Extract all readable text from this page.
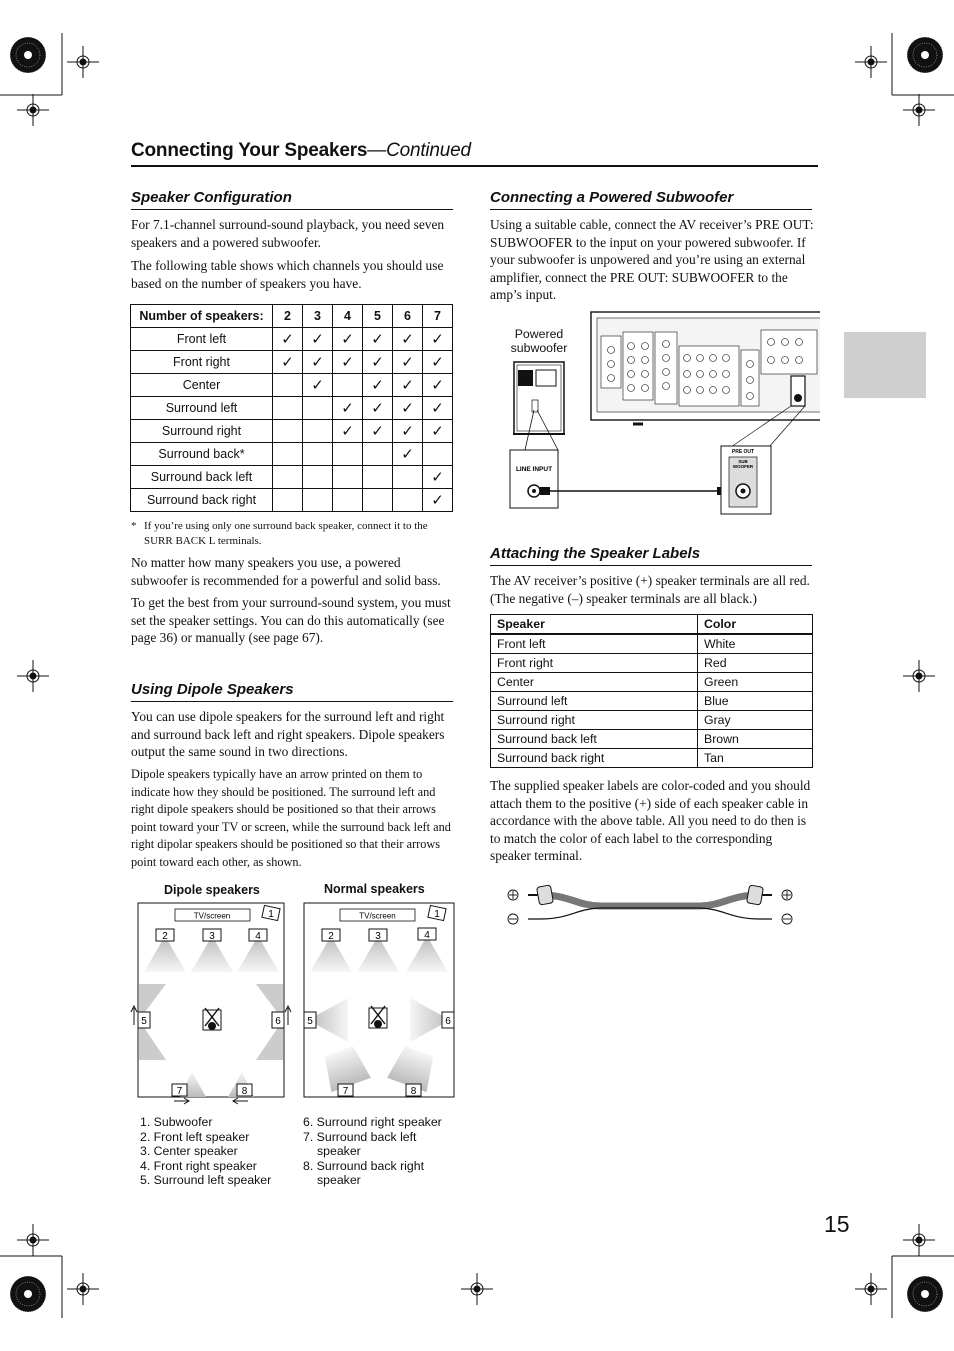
Connecting Your Speakers—Continued
Speaker Configuration

For 7.1-channel surround-sound playback, you need seven speakers and a powered subwoofer.

The following table shows which channels you should use based on the number of speakers you have.

Number of speakers:	2	3	4	5	6	7
Front left	✓	✓	✓	✓	✓	✓
Front right	✓	✓	✓	✓	✓	✓
Center		✓		✓	✓	✓
Surround left			✓	✓	✓	✓
Surround right			✓	✓	✓	✓
Surround back*					✓	
Surround back left						✓
Surround back right						✓
* If you’re using only one surround back speaker, connect it to the SURR BACK L terminals.

No matter how many speakers you use, a powered subwoofer is recommended for a powerful and solid bass.

To get the best from your surround-sound system, you must set the speaker settings. You can do this automatically (see page 36) or manually (see page 67).

Using Dipole Speakers

You can use dipole speakers for the surround left and right and surround back left and right speakers. Dipole speakers output the same sound in two directions.

Dipole speakers typically have an arrow printed on them to indicate how they should be positioned. The surround left and right dipole speakers should be positioned so that their arrows point toward your TV or screen, while the surround back left and right dipolar speakers should be positioned so that their arrows point toward each other, as shown.

Dipole speakers	Normal speakers
TV/screen	1
2	3	4
5	6
7	8
TV/screen	1
2	3	4
5	6
7	8
1. Subwoofer
2. Front left speaker
3. Center speaker
4. Front right speaker
5. Surround left speaker
6. Surround right speaker
7. Surround back left speaker
8. Surround back right speaker
Connecting a Powered Subwoofer

Using a suitable cable, connect the AV receiver’s PRE OUT: SUBWOOFER to the input on your powered subwoofer. If your subwoofer is unpowered and you’re using an external amplifier, connect the PRE OUT: SUBWOOFER to the amp’s input.

Powered
subwoofer
LINE INPUT
PRE OUT
SUB
WOOFER
Attaching the Speaker Labels

The AV receiver’s positive (+) speaker terminals are all red. (The negative (–) speaker terminals are all black.)

Speaker	Color
Front left	White
Front right	Red
Center	Green
Surround left	Blue
Surround right	Gray
Surround back left	Brown
Surround back right	Tan

The supplied speaker labels are color-coded and you should attach them to the positive (+) side of each speaker cable in accordance with the above table. All you need to do then is to match the color of each label to the corresponding speaker terminal.

15
